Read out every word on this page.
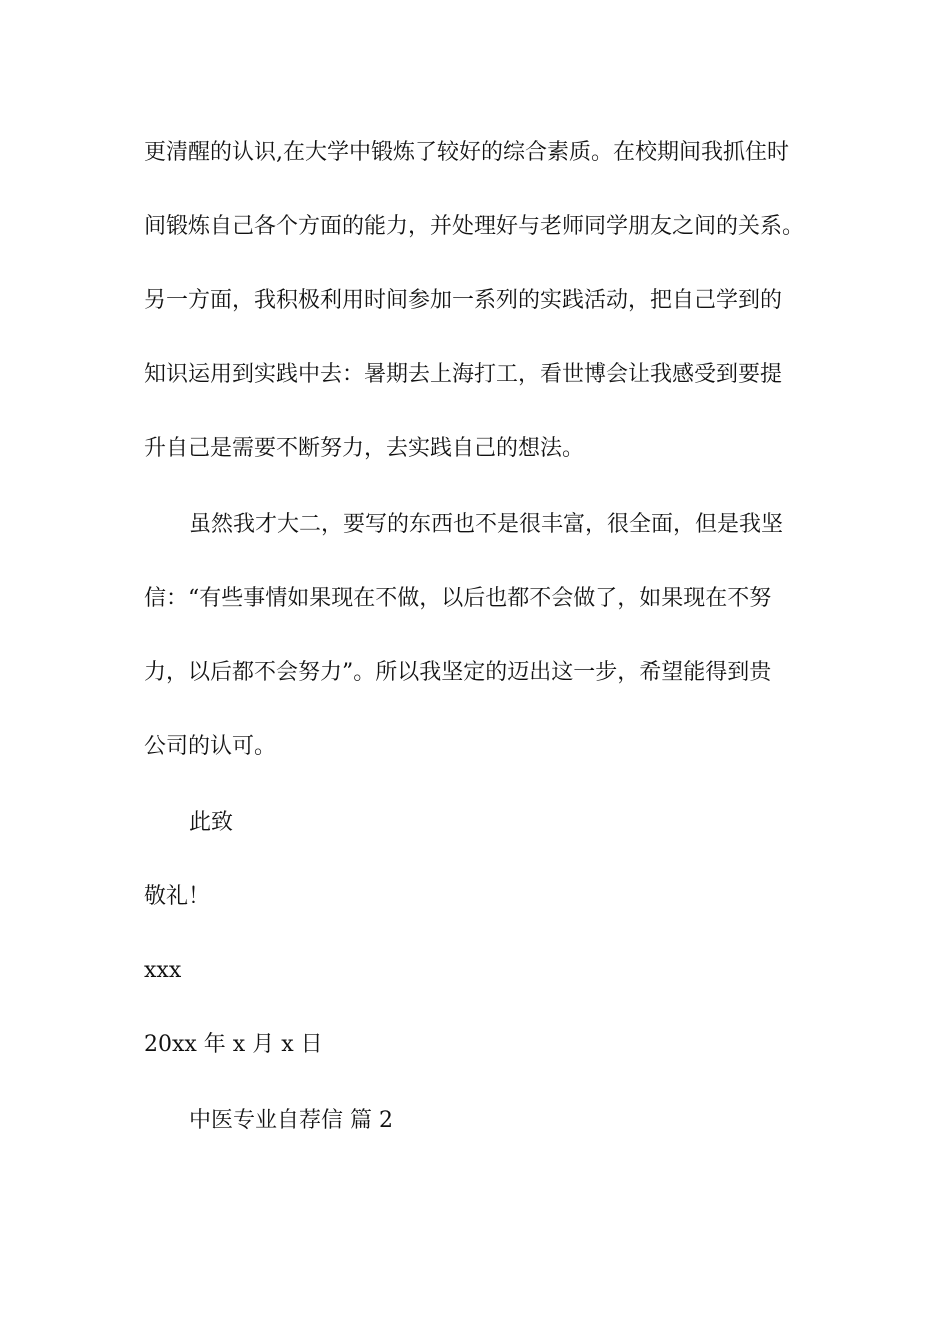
更清醒的认识,在大学中锻炼了较好的综合素质。在校期间我抓住时
间锻炼自己各个方面的能力，并处理好与老师同学朋友之间的关系。
另一方面，我积极利用时间参加一系列的实践活动，把自己学到的
知识运用到实践中去：暑期去上海打工，看世博会让我感受到要提
升自己是需要不断努力，去实践自己的想法。
虽然我才大二，要写的东西也不是很丰富，很全面，但是我坚
信：“有些事情如果现在不做，以后也都不会做了，如果现在不努
力，以后都不会努力”。所以我坚定的迈出这一步，希望能得到贵
公司的认可。
此致
敬礼！
xxx
20xx 年 x 月 x 日
中医专业自荐信 篇 2
